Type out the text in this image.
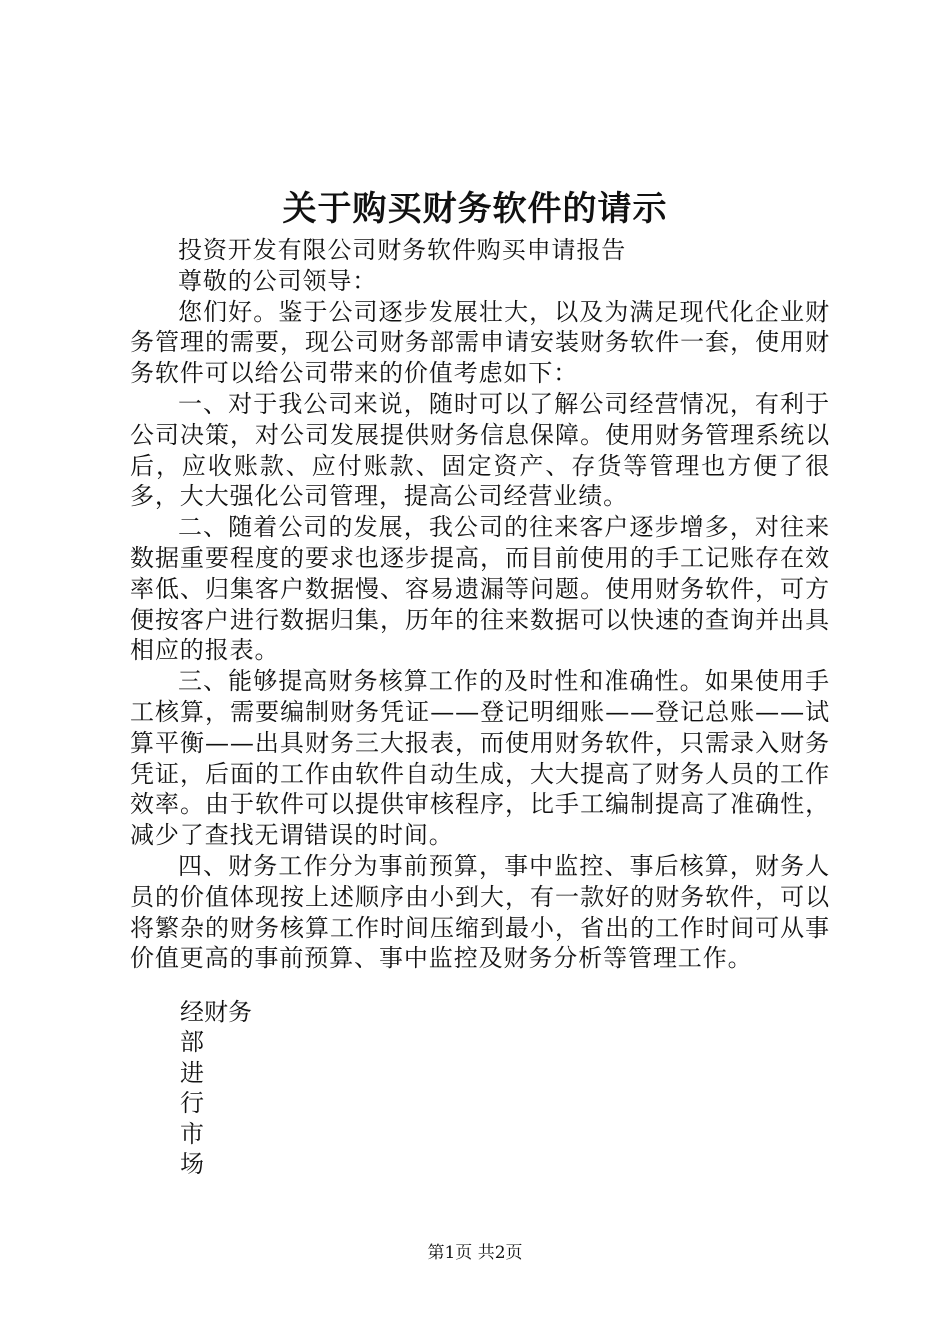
关于购买财务软件的请示

投资开发有限公司财务软件购买申请报告

尊敬的公司领导：

您们好。鉴于公司逐步发展壮大，以及为满足现代化企业财务管理的需要，现公司财务部需申请安装财务软件一套，使用财务软件可以给公司带来的价值考虑如下：

一、对于我公司来说，随时可以了解公司经营情况，有利于公司决策，对公司发展提供财务信息保障。使用财务管理系统以后，应收账款、应付账款、固定资产、存货等管理也方便了很多，大大强化公司管理，提高公司经营业绩。

二、随着公司的发展，我公司的往来客户逐步增多，对往来数据重要程度的要求也逐步提高，而目前使用的手工记账存在效率低、归集客户数据慢、容易遗漏等问题。使用财务软件，可方便按客户进行数据归集，历年的往来数据可以快速的查询并出具相应的报表。

三、能够提高财务核算工作的及时性和准确性。如果使用手工核算，需要编制财务凭证——登记明细账——登记总账——试算平衡——出具财务三大报表，而使用财务软件，只需录入财务凭证，后面的工作由软件自动生成，大大提高了财务人员的工作效率。由于软件可以提供审核程序，比手工编制提高了准确性，减少了查找无谓错误的时间。

四、财务工作分为事前预算，事中监控、事后核算，财务人员的价值体现按上述顺序由小到大，有一款好的财务软件，可以将繁杂的财务核算工作时间压缩到最小，省出的工作时间可从事价值更高的事前预算、事中监控及财务分析等管理工作。

经财务
部
进
行
市
场
第1页 共2页
